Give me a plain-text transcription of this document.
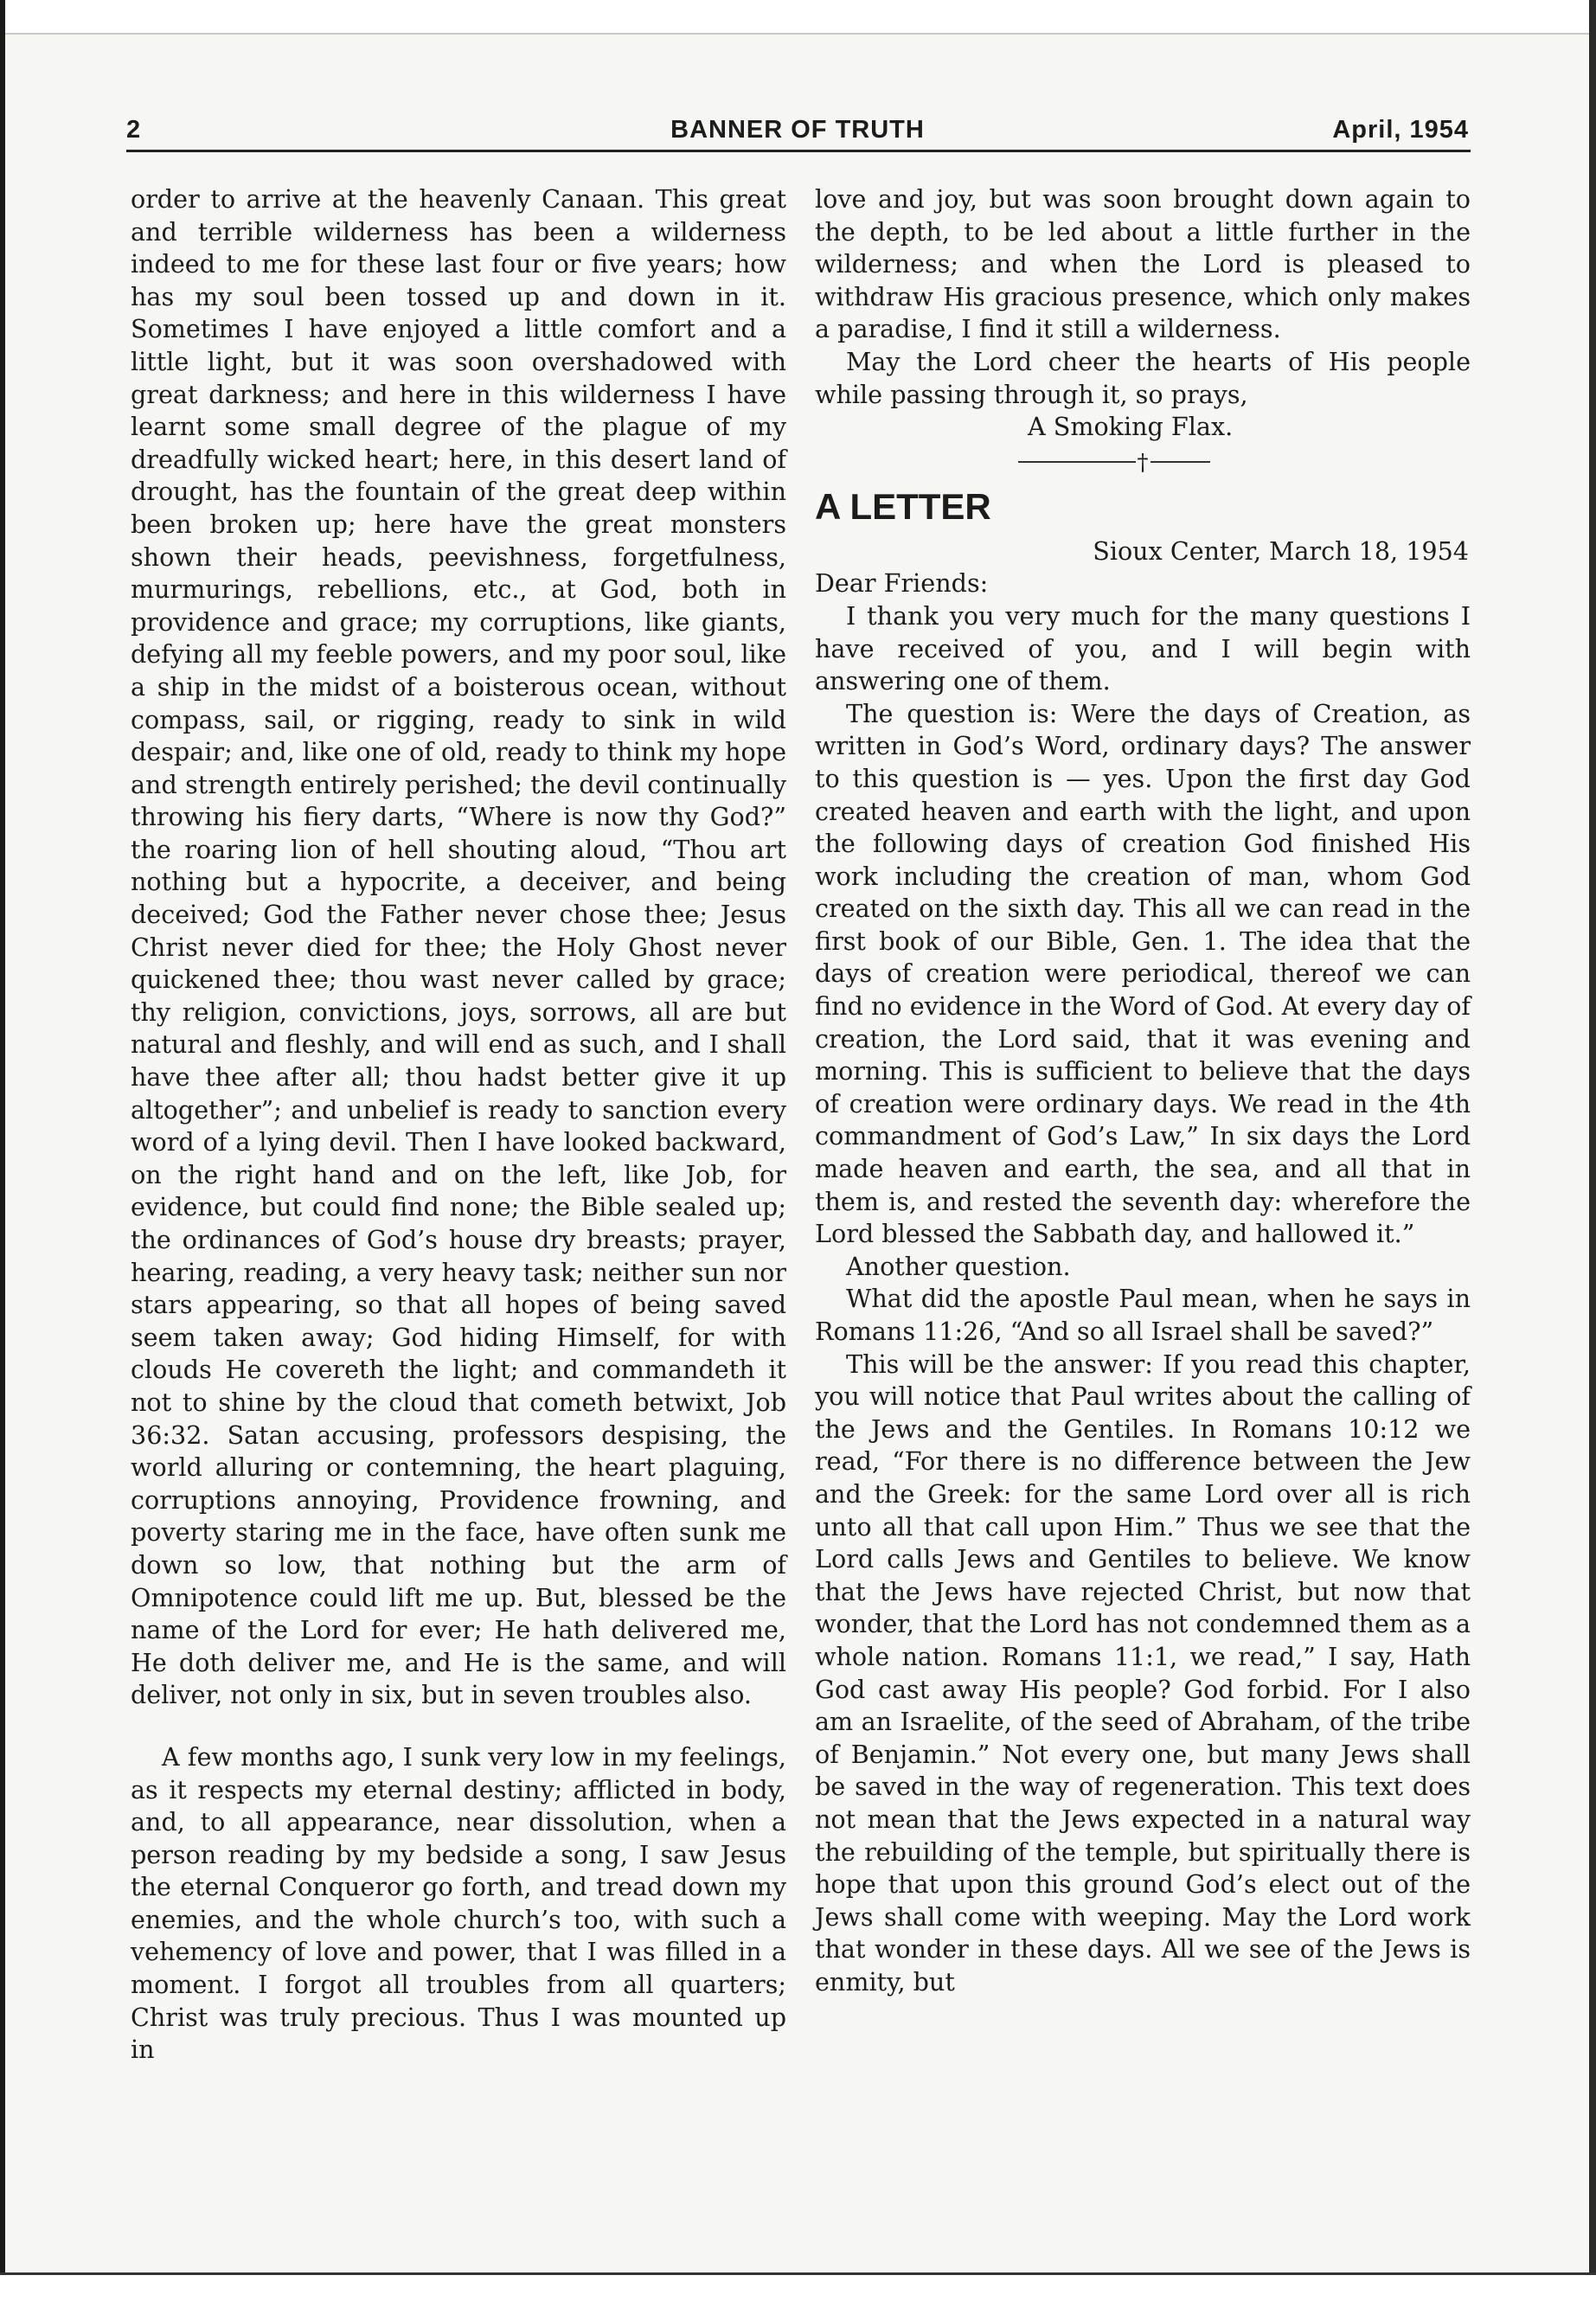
2	BANNER OF TRUTH	April, 1954

order to arrive at the heavenly Canaan. This great and terrible wilderness has been a wilderness indeed to me for these last four or five years; how has my soul been tossed up and down in it. Sometimes I have enjoyed a little comfort and a little light, but it was soon overshadowed with great darkness; and here in this wilderness I have learnt some small degree of the plague of my dreadfully wicked heart; here, in this desert land of drought, has the fountain of the great deep within been broken up; here have the great monsters shown their heads, peevishness, forgetfulness, murmurings, rebellions, etc., at God, both in providence and grace; my corruptions, like giants, defying all my feeble powers, and my poor soul, like a ship in the midst of a boisterous ocean, without compass, sail, or rigging, ready to sink in wild despair; and, like one of old, ready to think my hope and strength entirely perished; the devil continually throwing his fiery darts, “Where is now thy God?” the roaring lion of hell shouting aloud, “Thou art nothing but a hypocrite, a deceiver, and being deceived; God the Father never chose thee; Jesus Christ never died for thee; the Holy Ghost never quickened thee; thou wast never called by grace; thy religion, convictions, joys, sorrows, all are but natural and fleshly, and will end as such, and I shall have thee after all; thou hadst better give it up altogether”; and unbelief is ready to sanction every word of a lying devil. Then I have looked backward, on the right hand and on the left, like Job, for evidence, but could find none; the Bible sealed up; the ordinances of God’s house dry breasts; prayer, hearing, reading, a very heavy task; neither sun nor stars appearing, so that all hopes of being saved seem taken away; God hiding Himself, for with clouds He covereth the light; and commandeth it not to shine by the cloud that cometh betwixt, Job 36:32. Satan accusing, professors despising, the world alluring or contemning, the heart plaguing, corruptions annoying, Providence frowning, and poverty staring me in the face, have often sunk me down so low, that nothing but the arm of Omnipotence could lift me up. But, blessed be the name of the Lord for ever; He hath delivered me, He doth deliver me, and He is the same, and will deliver, not only in six, but in seven troubles also.

A few months ago, I sunk very low in my feelings, as it respects my eternal destiny; afflicted in body, and, to all appearance, near dissolution, when a person reading by my bedside a song, I saw Jesus the eternal Conqueror go forth, and tread down my enemies, and the whole church’s too, with such a vehemency of love and power, that I was filled in a moment. I forgot all troubles from all quarters; Christ was truly precious. Thus I was mounted up in

love and joy, but was soon brought down again to the depth, to be led about a little further in the wilderness; and when the Lord is pleased to withdraw His gracious presence, which only makes a paradise, I find it still a wilderness.

May the Lord cheer the hearts of His people while passing through it, so prays,

A Smoking Flax.

†
A LETTER

Sioux Center, March 18, 1954

Dear Friends:

I thank you very much for the many questions I have received of you, and I will begin with answering one of them.

The question is: Were the days of Creation, as written in God’s Word, ordinary days? The answer to this question is — yes. Upon the first day God created heaven and earth with the light, and upon the following days of creation God finished His work including the creation of man, whom God created on the sixth day. This all we can read in the first book of our Bible, Gen. 1. The idea that the days of creation were periodical, thereof we can find no evidence in the Word of God. At every day of creation, the Lord said, that it was evening and morning. This is sufficient to believe that the days of creation were ordinary days. We read in the 4th commandment of God’s Law,” In six days the Lord made heaven and earth, the sea, and all that in them is, and rested the seventh day: wherefore the Lord blessed the Sabbath day, and hallowed it.”

Another question.

What did the apostle Paul mean, when he says in Romans 11:26, “And so all Israel shall be saved?”

This will be the answer: If you read this chapter, you will notice that Paul writes about the calling of the Jews and the Gentiles. In Romans 10:12 we read, “For there is no difference between the Jew and the Greek: for the same Lord over all is rich unto all that call upon Him.” Thus we see that the Lord calls Jews and Gentiles to believe. We know that the Jews have rejected Christ, but now that wonder, that the Lord has not condemned them as a whole nation. Romans 11:1, we read,” I say, Hath God cast away His people? God forbid. For I also am an Israelite, of the seed of Abraham, of the tribe of Benjamin.” Not every one, but many Jews shall be saved in the way of regeneration. This text does not mean that the Jews expected in a natural way the rebuilding of the temple, but spiritually there is hope that upon this ground God’s elect out of the Jews shall come with weeping. May the Lord work that wonder in these days. All we see of the Jews is enmity, but
